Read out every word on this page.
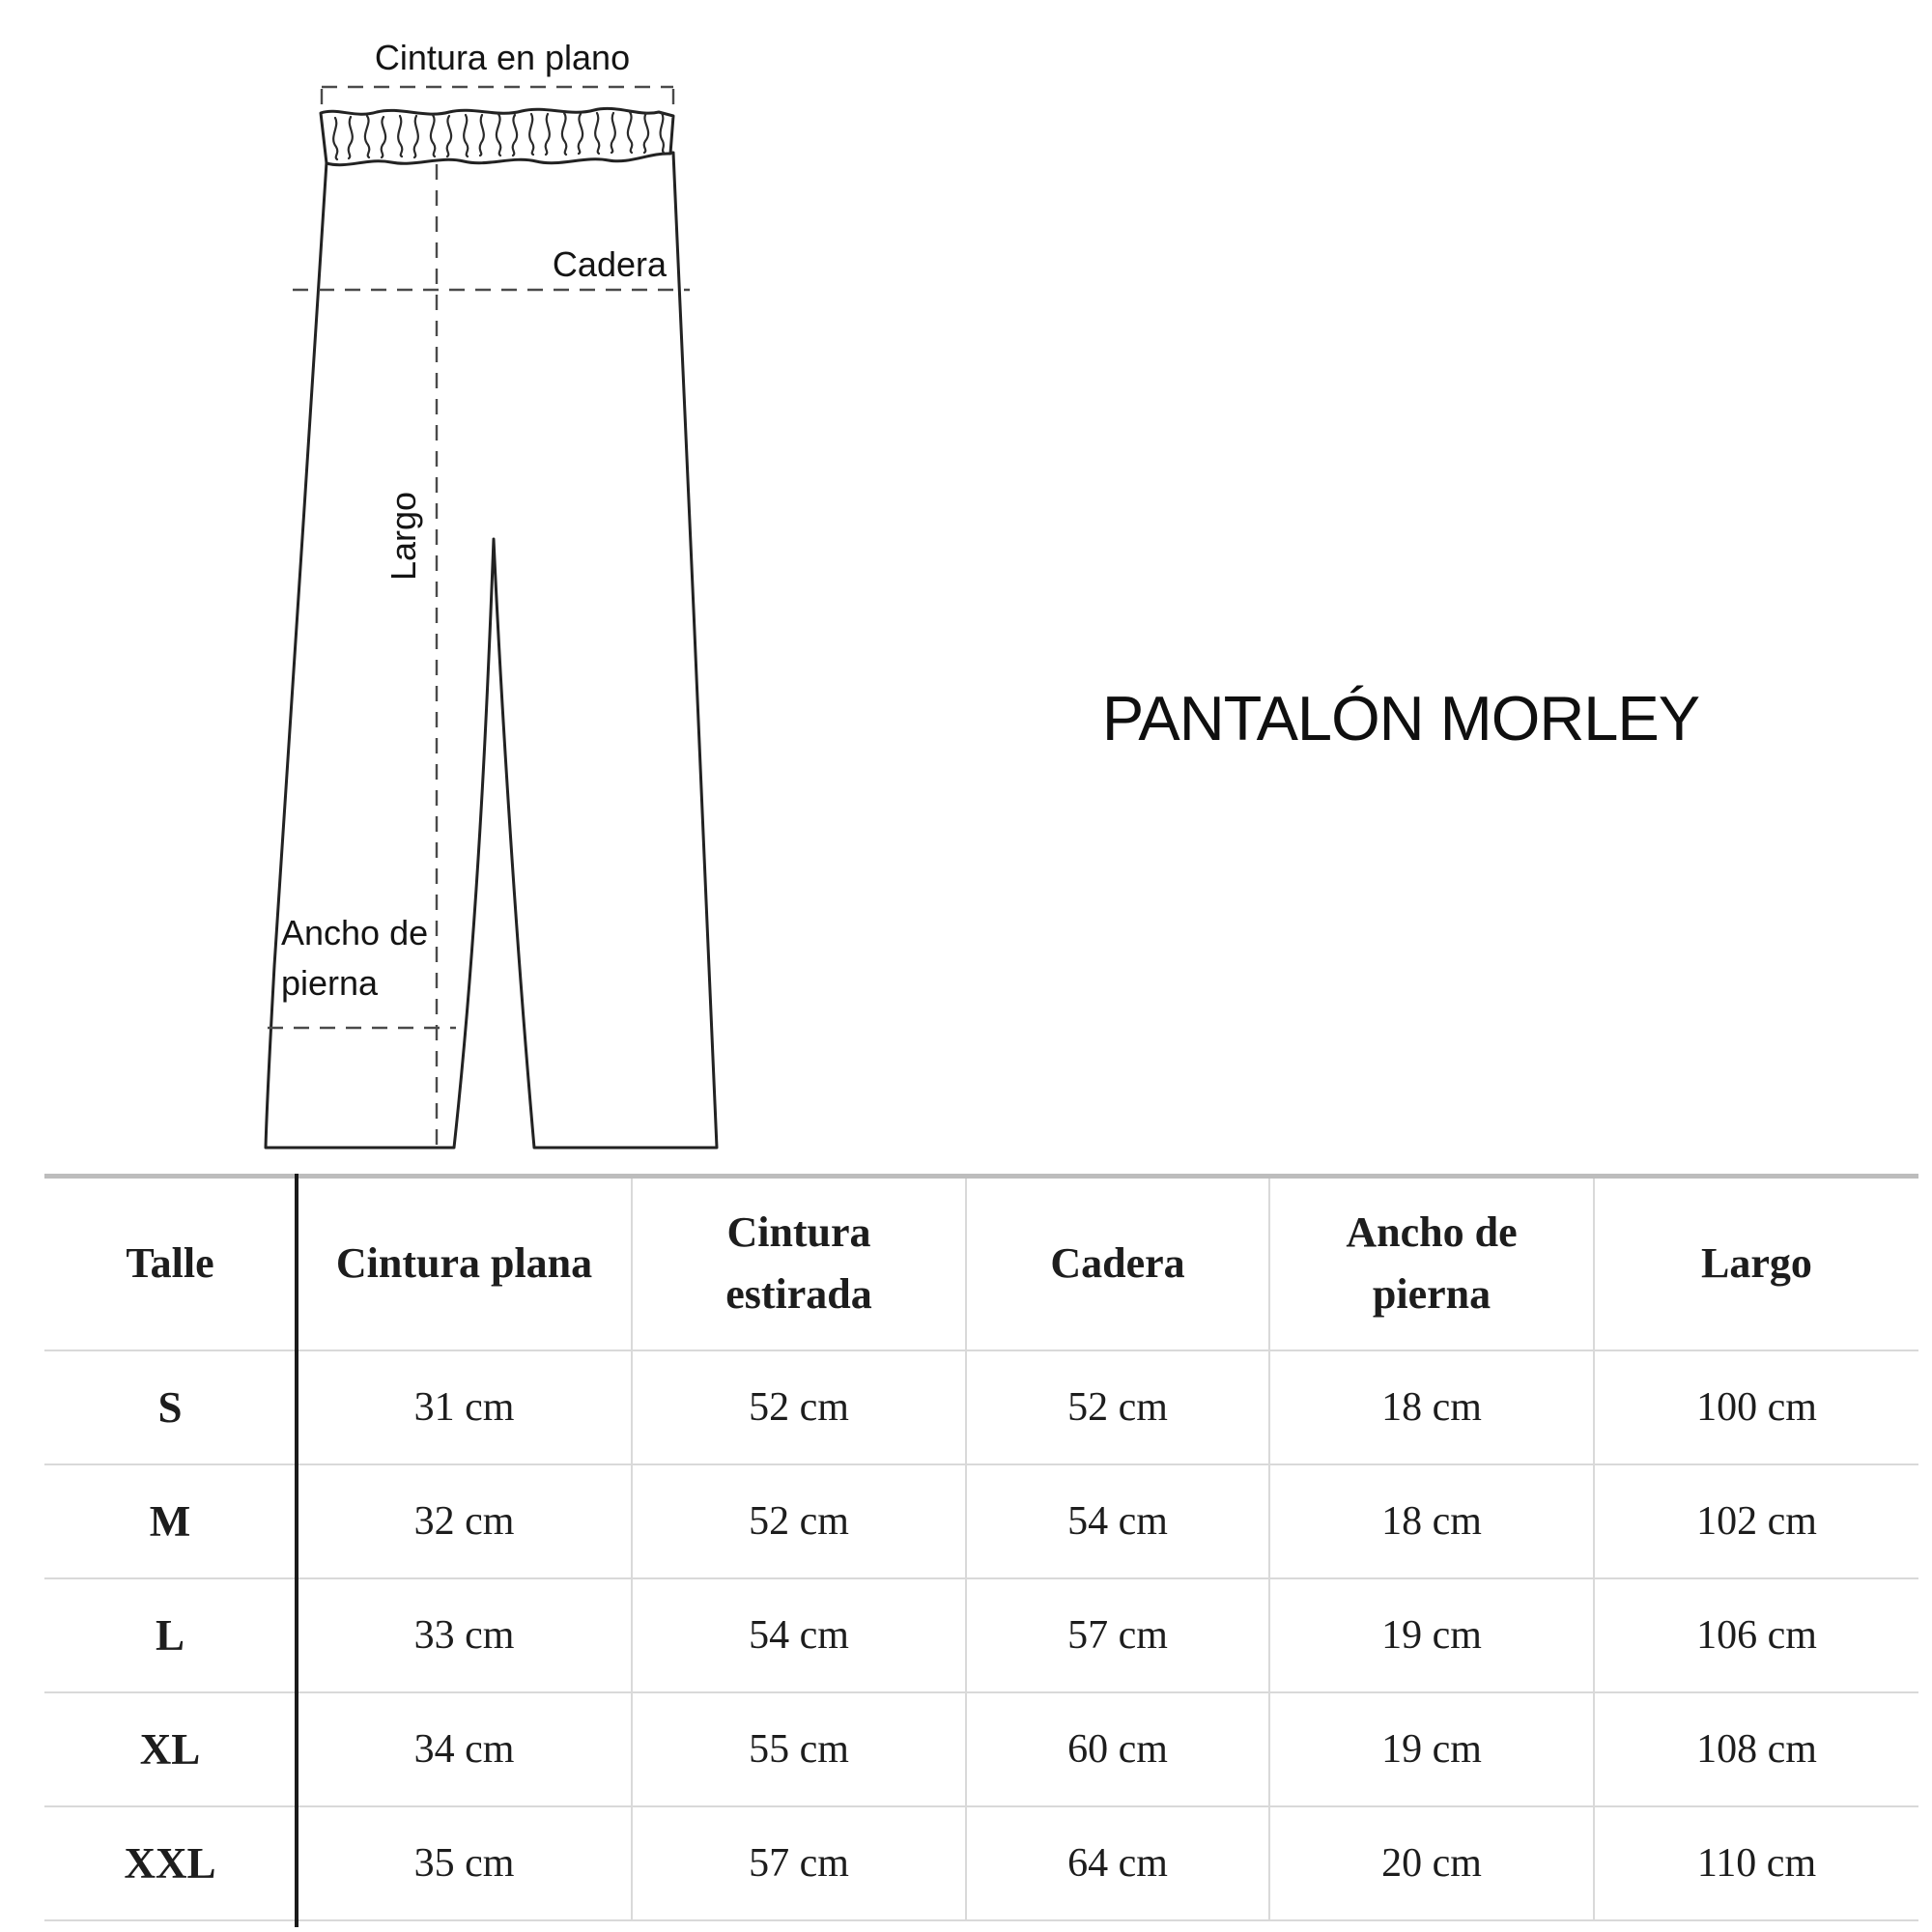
Cintura en plano
Cadera
Largo
Ancho de
pierna
PANTALÓN MORLEY
Talle	Cintura plana	Cintura estirada	Cadera	Ancho de pierna	Largo
S	31 cm	52 cm	52 cm	18 cm	100 cm
M	32 cm	52 cm	54 cm	18 cm	102 cm
L	33 cm	54 cm	57 cm	19 cm	106 cm
XL	34 cm	55 cm	60 cm	19 cm	108 cm
XXL	35 cm	57 cm	64 cm	20 cm	110 cm
